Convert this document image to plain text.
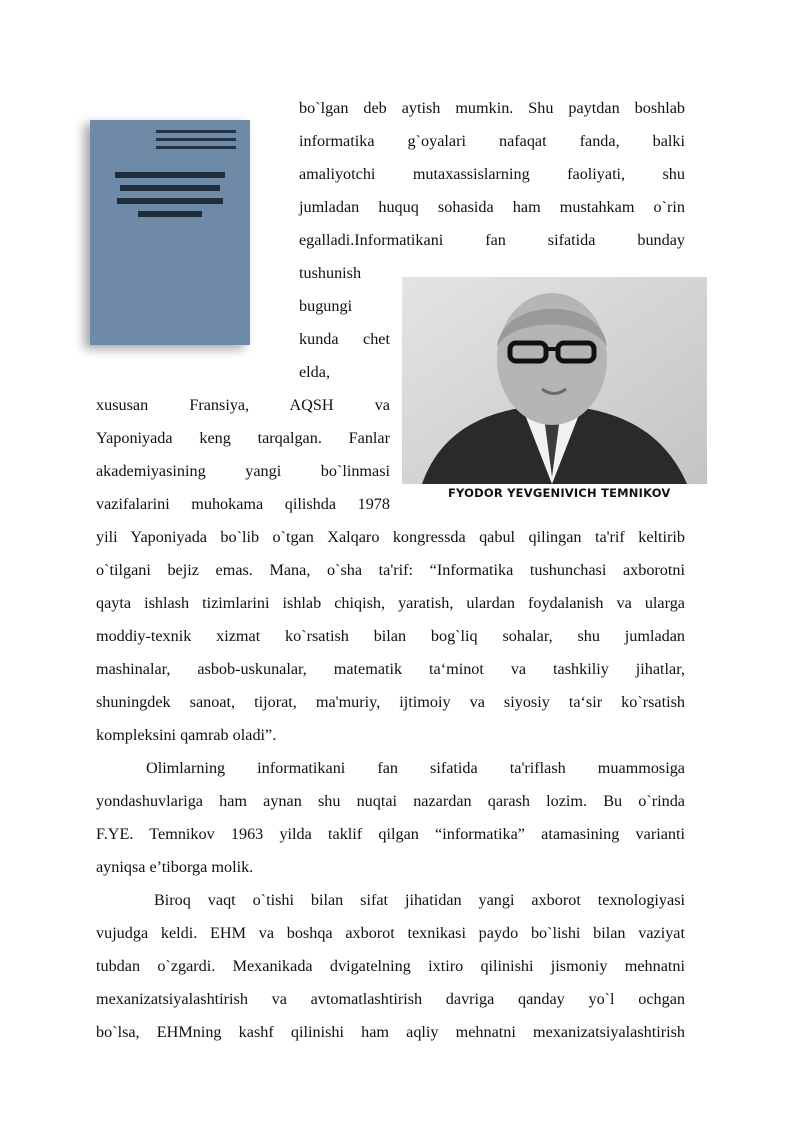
FYODOR YEVGENIVICH TEMNIKOV
bo`lgan deb aytish mumkin. Shu paytdan boshlab
informatika g`oyalari nafaqat fanda, balki
amaliyotchi mutaxassislarning faoliyati, shu
jumladan huquq sohasida ham mustahkam o`rin
egalladi.Informatikani fan sifatida bunday
tushunish
bugungi
kunda chet
elda,
xususan Fransiya, AQSH va
Yaponiyada keng tarqalgan. Fanlar
akademiyasining yangi bo`linmasi
vazifalarini muhokama qilishda 1978
yili Yaponiyada bo`lib o`tgan Xalqaro kongressda qabul qilingan ta'rif keltirib
o`tilgani bejiz emas. Mana, o`sha ta'rif: “Informatika tushunchasi axborotni
qayta ishlash tizimlarini ishlab chiqish, yaratish, ulardan foydalanish va ularga
moddiy-texnik xizmat ko`rsatish bilan bog`liq sohalar, shu jumladan
mashinalar, asbob-uskunalar, matematik ta‘minot va tashkiliy jihatlar,
shuningdek sanoat, tijorat, ma'muriy, ijtimoiy va siyosiy ta‘sir ko`rsatish
kompleksini qamrab oladi”.
Olimlarning informatikani fan sifatida ta'riflash muammosiga
yondashuvlariga ham aynan shu nuqtai nazardan qarash lozim. Bu o`rinda
F.YE. Temnikov 1963 yilda taklif qilgan “informatika” atamasining varianti
ayniqsa e’tiborga molik.
Biroq vaqt o`tishi bilan sifat jihatidan yangi axborot texnologiyasi
vujudga keldi. EHM va boshqa axborot texnikasi paydo bo`lishi bilan vaziyat
tubdan o`zgardi. Mexanikada dvigatelning ixtiro qilinishi jismoniy mehnatni
mexanizatsiyalashtirish va avtomatlashtirish davriga qanday yo`l ochgan
bo`lsa, EHMning kashf qilinishi ham aqliy mehnatni mexanizatsiyalashtirish
